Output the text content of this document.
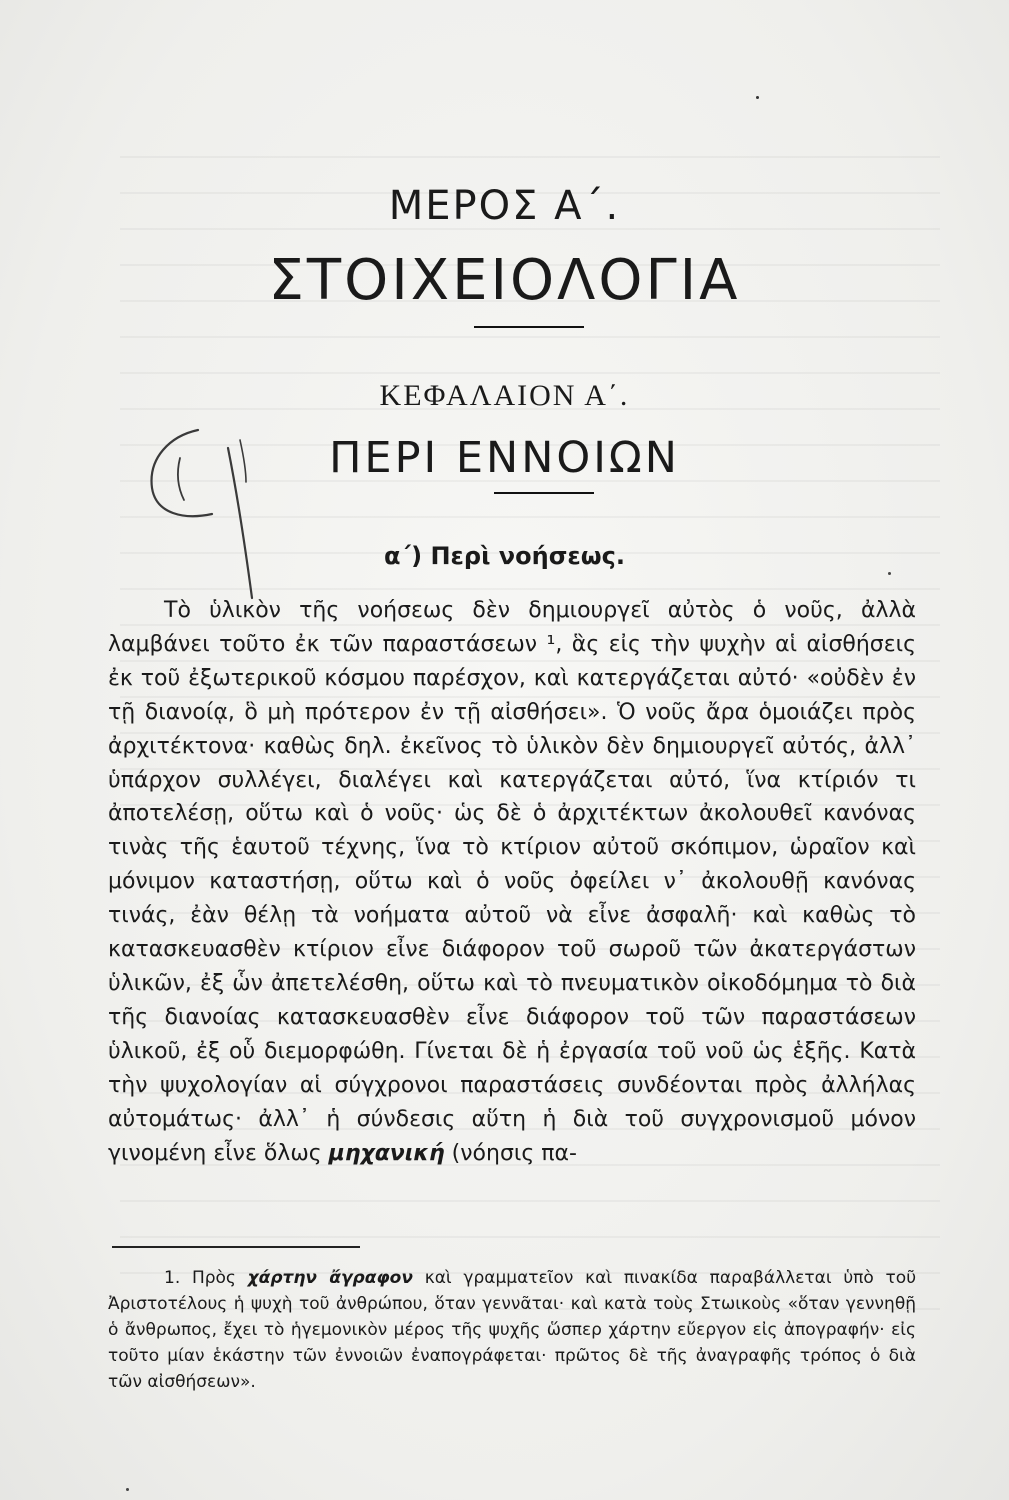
ΜΕΡΟΣ Α΄.
ΣΤΟΙΧΕΙΟΛΟΓΙΑ
ΚΕΦΑΛΑΙΟΝ Α΄.
ΠΕΡΙ ΕΝΝΟΙΩΝ
α΄) Περὶ νοήσεως.

Τὸ ὑλικὸν τῆς νοήσεως δὲν δημιουργεῖ αὐτὸς ὁ νοῦς, ἀλλὰ λαμβάνει τοῦτο ἐκ τῶν παραστάσεων ¹, ἃς εἰς τὴν ψυχὴν αἱ αἰσθήσεις ἐκ τοῦ ἐξωτερικοῦ κόσμου παρέσχον, καὶ κατεργάζεται αὐτό· «οὐδὲν ἐν τῇ διανοίᾳ, ὃ μὴ πρότερον ἐν τῇ αἰσθήσει». Ὁ νοῦς ἄρα ὁμοιάζει πρὸς ἀρχιτέκτονα· καθὼς δηλ. ἐκεῖνος τὸ ὑλικὸν δὲν δημιουργεῖ αὐτός, ἀλλ᾽ ὑπάρχον συλλέγει, διαλέγει καὶ κατεργάζεται αὐτό, ἵνα κτίριόν τι ἀποτελέσῃ, οὕτω καὶ ὁ νοῦς· ὡς δὲ ὁ ἀρχιτέκτων ἀκολουθεῖ κανόνας τινὰς τῆς ἑαυτοῦ τέχνης, ἵνα τὸ κτίριον αὐτοῦ σκόπιμον, ὡραῖον καὶ μόνιμον καταστήσῃ, οὕτω καὶ ὁ νοῦς ὀφείλει ν᾽ ἀκολουθῇ κανόνας τινάς, ἐὰν θέλῃ τὰ νοήματα αὐτοῦ νὰ εἶνε ἀσφαλῆ· καὶ καθὼς τὸ κατασκευασθὲν κτίριον εἶνε διάφορον τοῦ σωροῦ τῶν ἀκατεργάστων ὑλικῶν, ἐξ ὧν ἀπετελέσθη, οὕτω καὶ τὸ πνευματικὸν οἰκοδόμημα τὸ διὰ τῆς διανοίας κατασκευασθὲν εἶνε διάφορον τοῦ τῶν παραστάσεων ὑλικοῦ, ἐξ οὗ διεμορφώθη. Γίνεται δὲ ἡ ἐργασία τοῦ νοῦ ὡς ἑξῆς. Κατὰ τὴν ψυχολογίαν αἱ σύγχρονοι παραστάσεις συνδέονται πρὸς ἀλλήλας αὐτομάτως· ἀλλ᾽ ἡ σύνδεσις αὕτη ἡ διὰ τοῦ συγχρονισμοῦ μόνον γινομένη εἶνε ὅλως μηχανική (νόησις πα-

1. Πρὸς χάρτην ἄγραφον καὶ γραμματεῖον καὶ πινακίδα παραβάλλεται ὑπὸ τοῦ Ἀριστοτέλους ἡ ψυχὴ τοῦ ἀνθρώπου, ὅταν γεννᾶται· καὶ κατὰ τοὺς Στωικοὺς «ὅταν γεννηθῇ ὁ ἄνθρωπος, ἔχει τὸ ἡγεμονικὸν μέρος τῆς ψυχῆς ὥσπερ χάρτην εὔεργον εἰς ἀπογραφήν· εἰς τοῦτο μίαν ἑκάστην τῶν ἐννοιῶν ἐναπογράφεται· πρῶτος δὲ τῆς ἀναγραφῆς τρόπος ὁ διὰ τῶν αἰσθήσεων».
